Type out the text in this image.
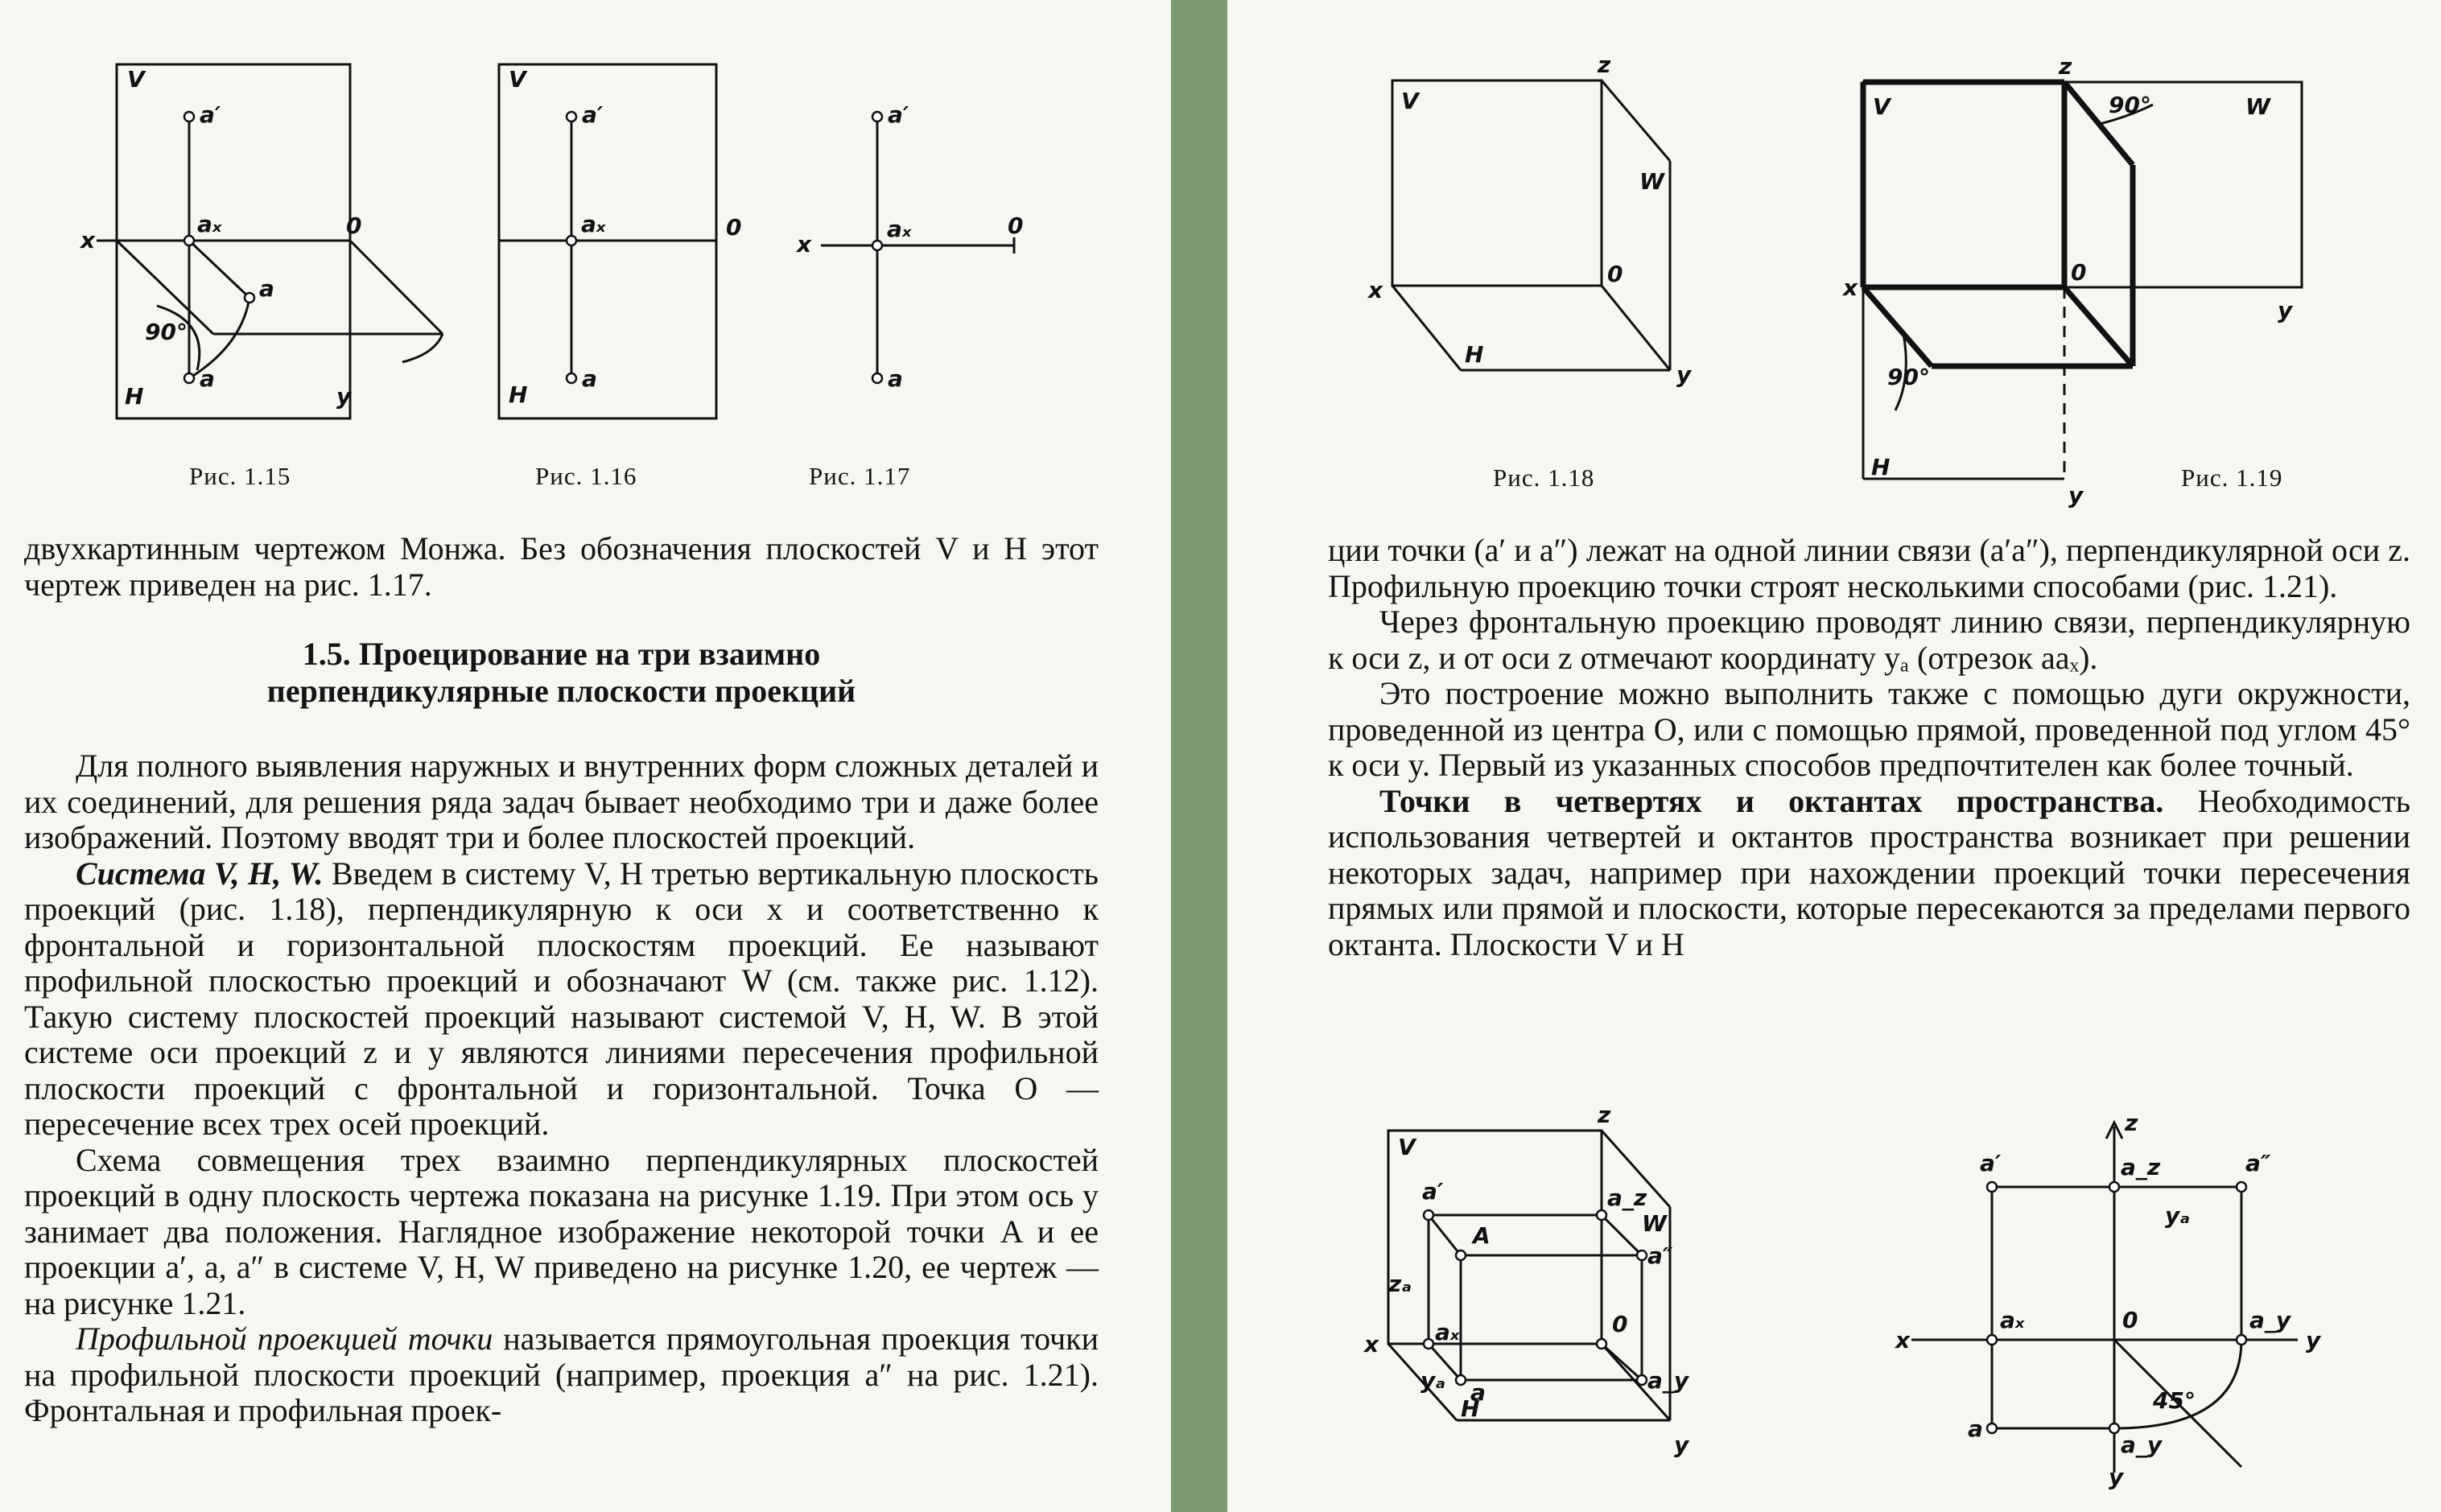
V
x
a′
aₓ
a
a
0
90°
H	y
V
a′
aₓ	0
a
H
x
a′
aₓ	0
a
Рис. 1.15	Рис. 1.16	Рис. 1.17
двухкартинным чертежом Монжа. Без обозначения плоскостей V и H этот чертеж приведен на рис. 1.17.
1.5. Проецирование на три взаимно
перпендикулярные плоскости проекций

Для полного выявления наружных и внутренних форм сложных деталей и их соединений, для решения ряда задач бывает необходимо три и даже более изображений. Поэтому вводят три и более плоскостей проекций.

Система V, H, W. Введем в систему V, H третью вертикальную плоскость проекций (рис. 1.18), перпендикулярную к оси x и соответственно к фронтальной и горизонтальной плоскостям проекций. Ее называют профильной плоскостью проекций и обозначают W (см. также рис. 1.12). Такую систему плоскостей проекций называют системой V, H, W. В этой системе оси проекций z и y являются линиями пересечения профильной плоскости проекций с фронтальной и горизонтальной. Точка O — пересечение всех трех осей проекций.

Схема совмещения трех взаимно перпендикулярных плоскостей проекций в одну плоскость чертежа показана на рисунке 1.19. При этом ось y занимает два положения. Наглядное изображение некоторой точки A и ее проекции a′, a, a″ в системе V, H, W приведено на рисунке 1.20, ее чертеж — на рисунке 1.21.

Профильной проекцией точки называется прямоугольная проекция точки на профильной плоскости проекций (например, проекция a″ на рис. 1.21). Фронтальная и профильная проек-

V
z
W
0
x
H
y
V
z
90°	W
x
0
y
90°
H
y
Рис. 1.18	Рис. 1.19

ции точки (a′ и a″) лежат на одной линии связи (a′a″), перпендикулярной оси z. Профильную проекцию точки строят несколькими способами (рис. 1.21).

Через фронтальную проекцию проводят линию связи, перпендикулярную к оси z, и от оси z отмечают координату yₐ (отрезок aaₓ).

Это построение можно выполнить также с помощью дуги окружности, проведенной из центра O, или с помощью прямой, проведенной под углом 45° к оси y. Первый из указанных способов предпочтителен как более точный.

Точки в четвертях и октантах пространства. Необходимость использования четвертей и октантов пространства возникает при решении некоторых задач, например при нахождении проекций точки пересечения прямых или прямой и плоскости, которые пересекаются за пределами первого октанта. Плоскости V и H

V
z
W
a′	a_z
A
a″
zₐ
aₓ	0
x
yₐ a	a_y
H
y
z
a′	a_z	a″
yₐ
aₓ	0	a_y
x	y
45°
a
a_y
y
